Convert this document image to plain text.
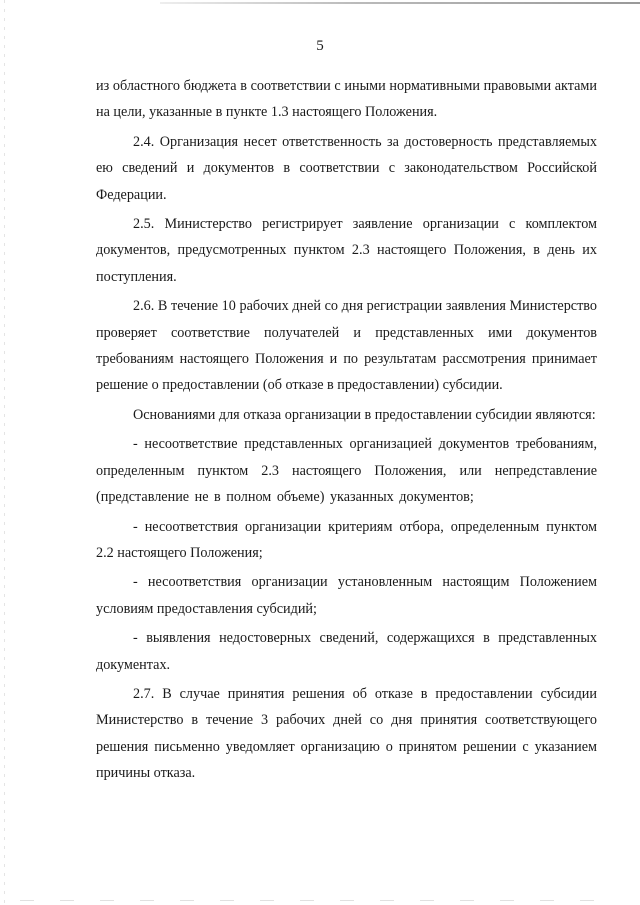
5

из областного бюджета в соответствии с иными нормативными правовыми актами на цели, указанные в пункте 1.3 настоящего Положения.

2.4. Организация несет ответственность за достоверность представляемых ею сведений и документов в соответствии с законодательством Российской Федерации.

2.5. Министерство регистрирует заявление организации с комплектом документов, предусмотренных пунктом 2.3 настоящего Положения, в день их поступления.

2.6. В течение 10 рабочих дней со дня регистрации заявления Министерство проверяет соответствие получателей и представленных ими документов требованиям настоящего Положения и по результатам рассмотрения принимает решение о предоставлении (об отказе в предоставлении) субсидии.

Основаниями для отказа организации в предоставлении субсидии являются:

- несоответствие представленных организацией документов требованиям, определенным пунктом 2.3 настоящего Положения, или непредставление (представление не в полном объеме) указанных документов;

- несоответствия организации критериям отбора, определенным пунктом 2.2 настоящего Положения;

- несоответствия организации установленным настоящим Положением условиям предоставления субсидий;

- выявления недостоверных сведений, содержащихся в представленных документах.

2.7. В случае принятия решения об отказе в предоставлении субсидии Министерство в течение 3 рабочих дней со дня принятия соответствующего решения письменно уведомляет организацию о принятом решении с указанием причины отказа.
